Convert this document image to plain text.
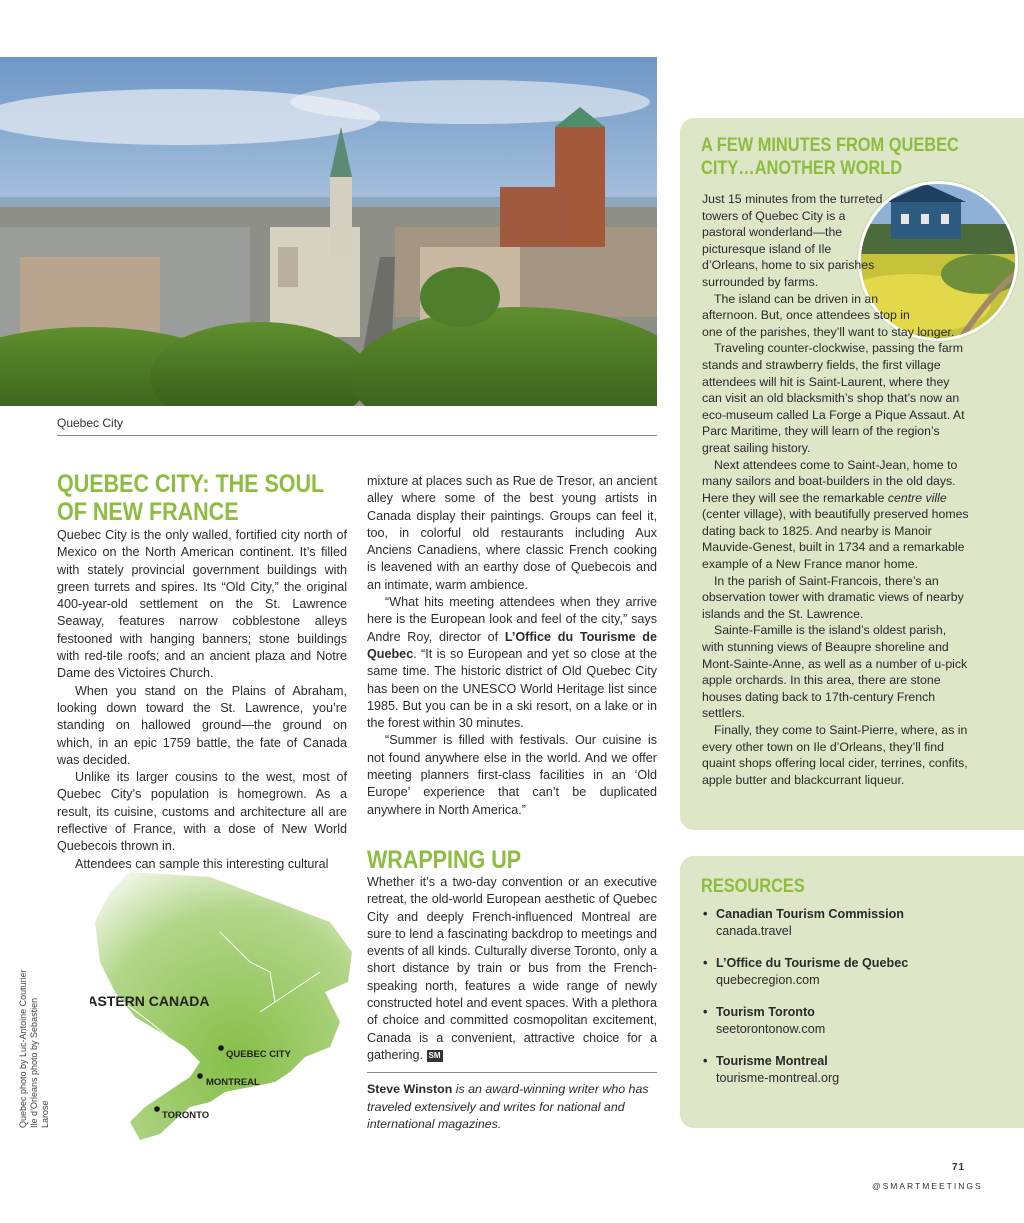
Quebec City
QUEBEC CITY: THE SOUL OF NEW FRANCE

Quebec City is the only walled, fortified city north of Mexico on the North American continent. It’s filled with stately provincial government buildings with green turrets and spires. Its “Old City,” the original 400-year-old settlement on the St. Lawrence Seaway, features narrow cobblestone alleys festooned with hanging banners; stone buildings with red-tile roofs; and an ancient plaza and Notre Dame des Victoires Church.

When you stand on the Plains of Abraham, looking down toward the St. Lawrence, you’re standing on hallowed ground—the ground on which, in an epic 1759 battle, the fate of Canada was decided.

Unlike its larger cousins to the west, most of Quebec City’s population is homegrown. As a result, its cuisine, customs and architecture all are reflective of France, with a dose of New World Quebecois thrown in.

Attendees can sample this interesting cultural

mixture at places such as Rue de Tresor, an ancient alley where some of the best young artists in Canada display their paintings. Groups can feel it, too, in colorful old restaurants including Aux Anciens Canadiens, where classic French cooking is leavened with an earthy dose of Quebecois and an intimate, warm ambience.

“What hits meeting attendees when they arrive here is the European look and feel of the city,” says Andre Roy, director of L’Office du Tourisme de Quebec. “It is so European and yet so close at the same time. The historic district of Old Quebec City has been on the UNESCO World Heritage list since 1985. But you can be in a ski resort, on a lake or in the forest within 30 minutes.

“Summer is filled with festivals. Our cuisine is not found anywhere else in the world. And we offer meeting planners first-class facilities in an ‘Old Europe’ experience that can’t be duplicated anywhere in North America.”

WRAPPING UP

Whether it’s a two-day convention or an executive retreat, the old-world European aesthetic of Quebec City and deeply French-influenced Montreal are sure to lend a fascinating backdrop to meetings and events of all kinds. Culturally diverse Toronto, only a short distance by train or bus from the French-speaking north, features a wide range of newly constructed hotel and event spaces. With a plethora of choice and committed cosmopolitan excitement, Canada is a convenient, attractive choice for a gathering. SM

Steve Winston is an award-winning writer who has traveled extensively and writes for national and international magazines.
EASTERN CANADA
QUEBEC CITY
MONTREAL
TORONTO
Quebec photo by Luc-Antoine Couturier Ile d’Orleans photo by Sebastien Larose
A FEW MINUTES FROM QUEBEC CITY…ANOTHER WORLD

Just 15 minutes from the turreted towers of Quebec City is a pastoral wonderland—the picturesque island of Ile d’Orleans, home to six parishes surrounded by farms.

The island can be driven in an afternoon. But, once attendees stop in one of the parishes, they’ll want to stay longer.

Traveling counter-clockwise, passing the farm stands and strawberry fields, the first village attendees will hit is Saint-Laurent, where they can visit an old blacksmith’s shop that’s now an eco-museum called La Forge a Pique Assaut. At Parc Maritime, they will learn of the region’s great sailing history.

Next attendees come to Saint-Jean, home to many sailors and boat-builders in the old days. Here they will see the remarkable centre ville (center village), with beautifully preserved homes dating back to 1825. And nearby is Manoir Mauvide-Genest, built in 1734 and a remarkable example of a New France manor home.

In the parish of Saint-Francois, there’s an observation tower with dramatic views of nearby islands and the St. Lawrence.

Sainte-Famille is the island’s oldest parish, with stunning views of Beaupre shoreline and Mont-Sainte-Anne, as well as a number of u-pick apple orchards. In this area, there are stone houses dating back to 17th-century French settlers.

Finally, they come to Saint-Pierre, where, as in every other town on Ile d’Orleans, they’ll find quaint shops offering local cider, terrines, confits, apple butter and blackcurrant liqueur.

RESOURCES
• Canadian Tourism Commission
canada.travel
• L’Office du Tourisme de Quebec
quebecregion.com
• Tourism Toronto
seetorontonow.com
• Tourisme Montreal
tourisme-montreal.org
71
@SMARTMEETINGS
